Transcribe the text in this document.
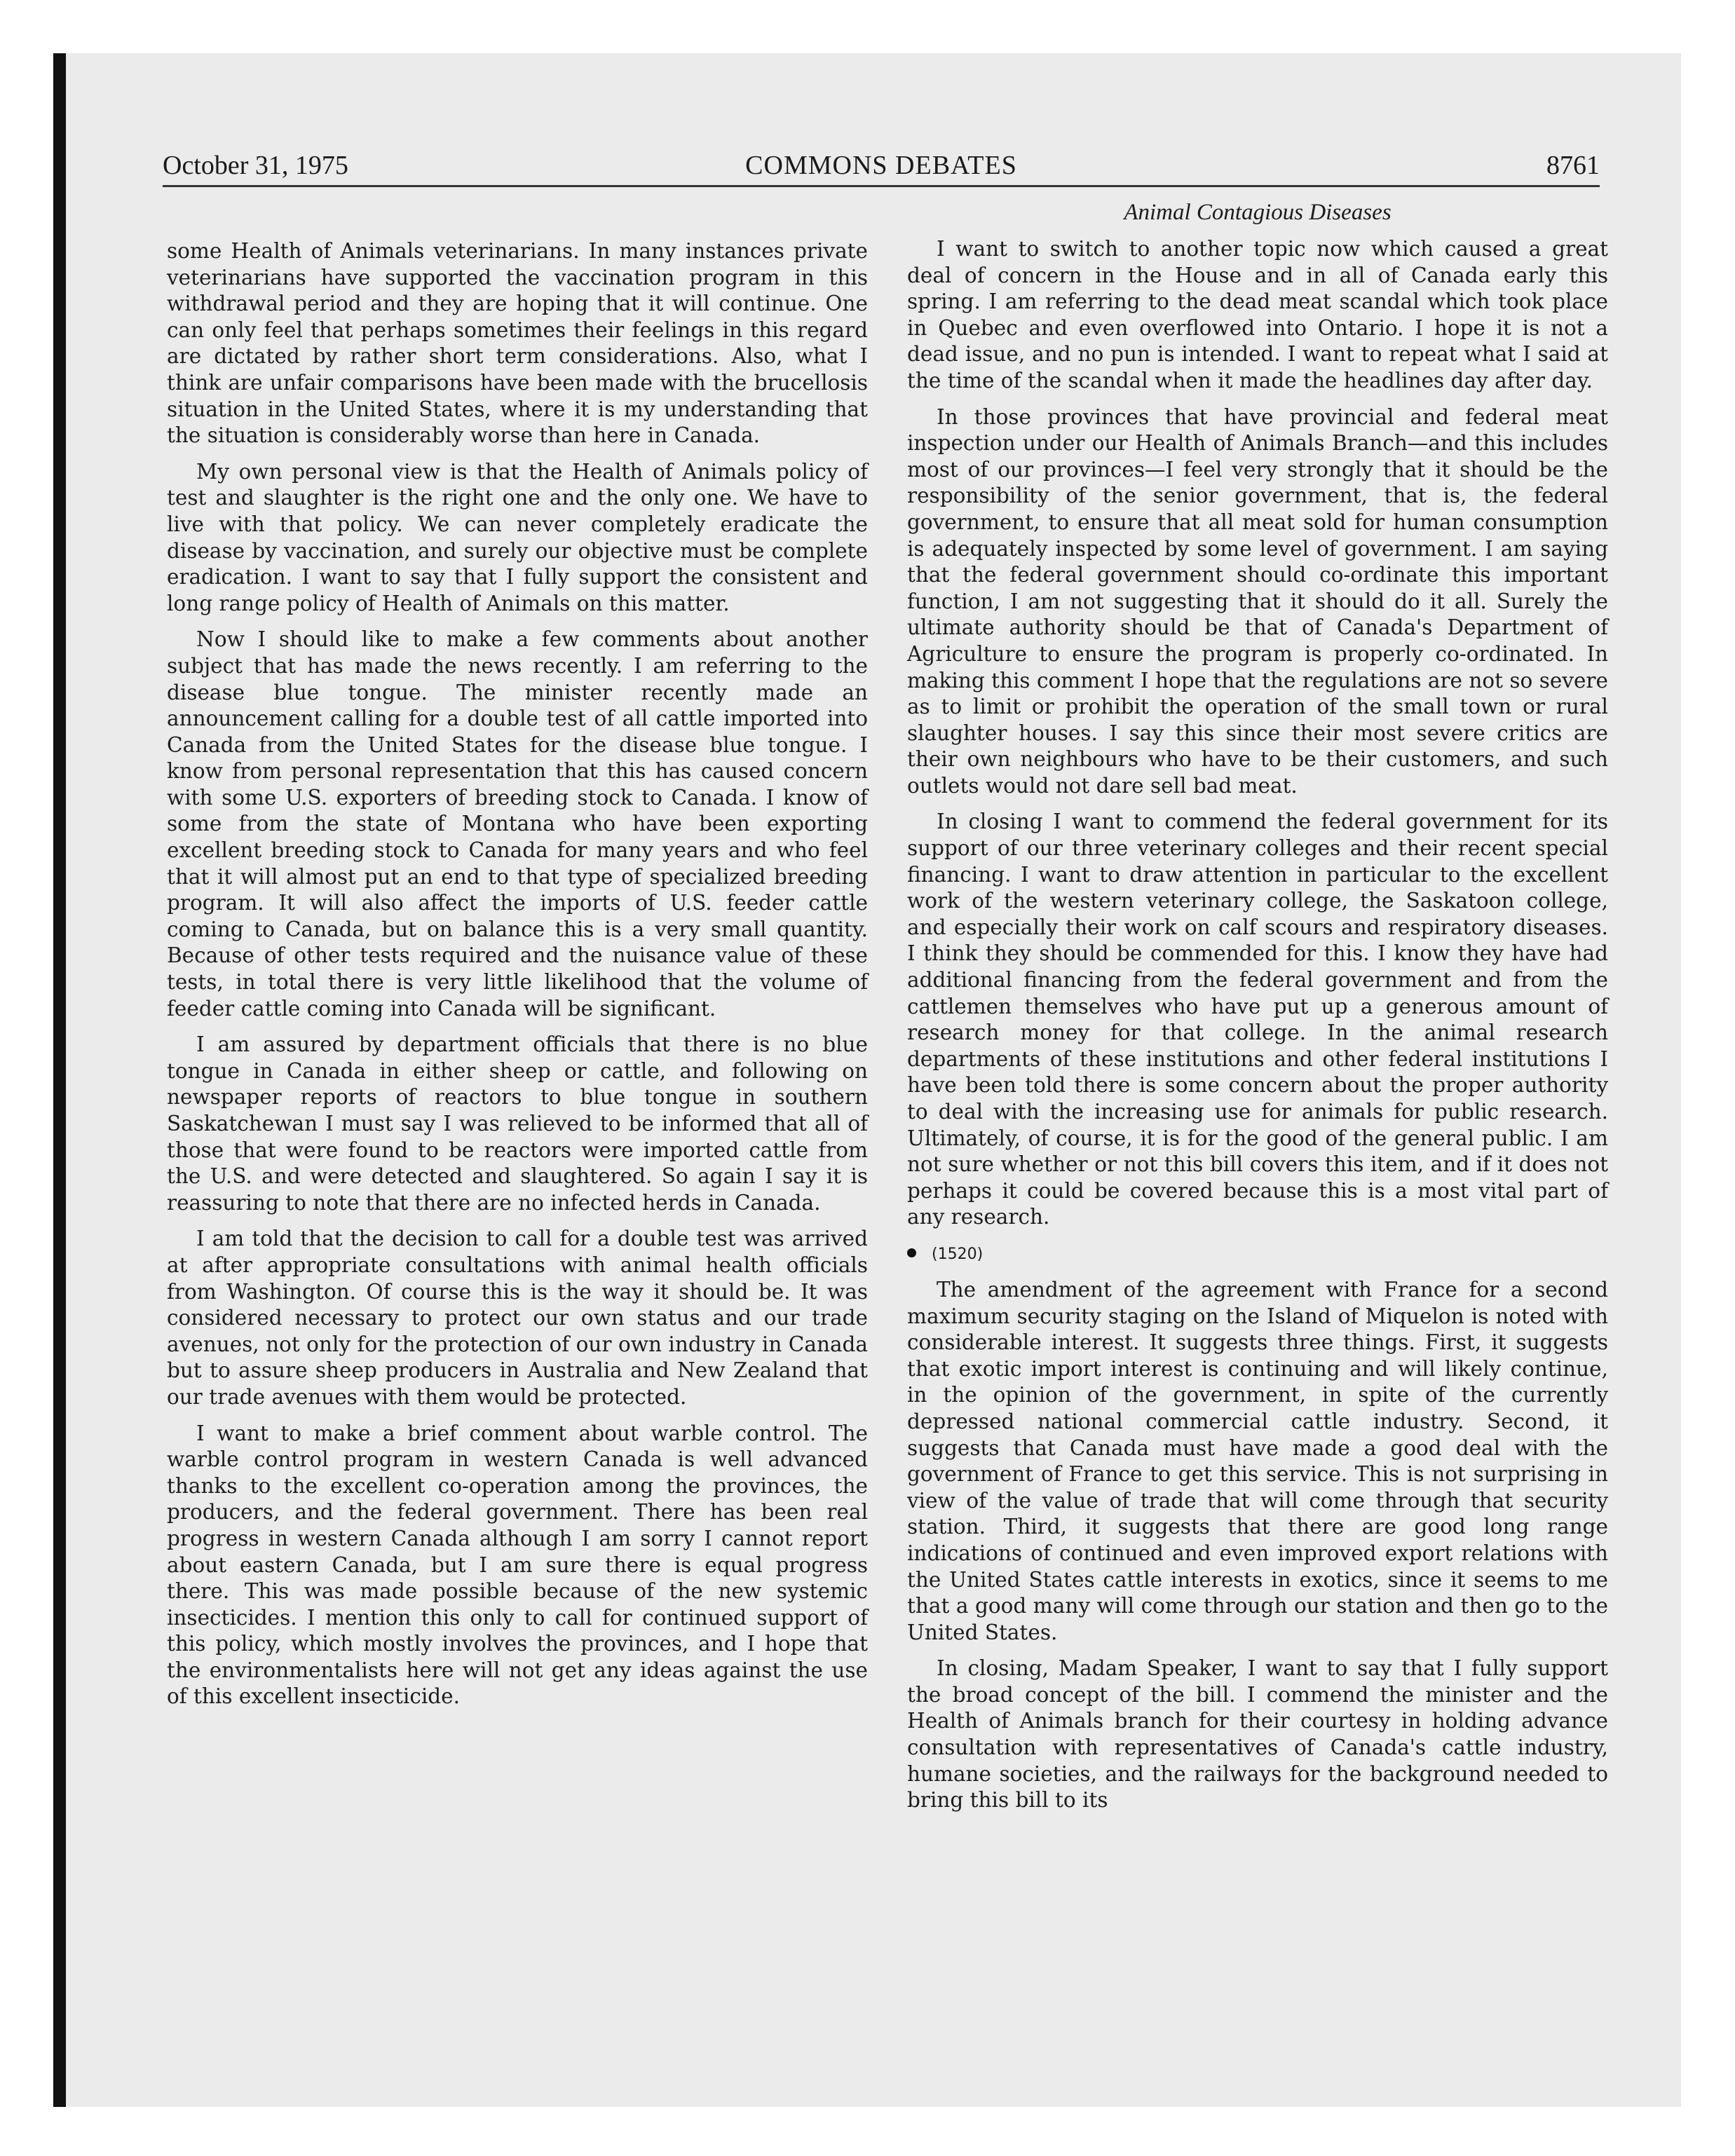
October 31, 1975	COMMONS DEBATES	8761

some Health of Animals veterinarians. In many instances private veterinarians have supported the vaccination program in this withdrawal period and they are hoping that it will continue. One can only feel that perhaps sometimes their feelings in this regard are dictated by rather short term considerations. Also, what I think are unfair comparisons have been made with the brucellosis situation in the United States, where it is my understanding that the situation is considerably worse than here in Canada.

My own personal view is that the Health of Animals policy of test and slaughter is the right one and the only one. We have to live with that policy. We can never completely eradicate the disease by vaccination, and surely our objective must be complete eradication. I want to say that I fully support the consistent and long range policy of Health of Animals on this matter.

Now I should like to make a few comments about another subject that has made the news recently. I am referring to the disease blue tongue. The minister recently made an announcement calling for a double test of all cattle imported into Canada from the United States for the disease blue tongue. I know from personal representation that this has caused concern with some U.S. exporters of breeding stock to Canada. I know of some from the state of Montana who have been exporting excellent breeding stock to Canada for many years and who feel that it will almost put an end to that type of specialized breeding program. It will also affect the imports of U.S. feeder cattle coming to Canada, but on balance this is a very small quantity. Because of other tests required and the nuisance value of these tests, in total there is very little likelihood that the volume of feeder cattle coming into Canada will be significant.

I am assured by department officials that there is no blue tongue in Canada in either sheep or cattle, and following on newspaper reports of reactors to blue tongue in southern Saskatchewan I must say I was relieved to be informed that all of those that were found to be reactors were imported cattle from the U.S. and were detected and slaughtered. So again I say it is reassuring to note that there are no infected herds in Canada.

I am told that the decision to call for a double test was arrived at after appropriate consultations with animal health officials from Washington. Of course this is the way it should be. It was considered necessary to protect our own status and our trade avenues, not only for the protection of our own industry in Canada but to assure sheep producers in Australia and New Zealand that our trade avenues with them would be protected.

I want to make a brief comment about warble control. The warble control program in western Canada is well advanced thanks to the excellent co-operation among the provinces, the producers, and the federal government. There has been real progress in western Canada although I am sorry I cannot report about eastern Canada, but I am sure there is equal progress there. This was made possible because of the new systemic insecticides. I mention this only to call for continued support of this policy, which mostly involves the provinces, and I hope that the environmentalists here will not get any ideas against the use of this excellent insecticide.

Animal Contagious Diseases

I want to switch to another topic now which caused a great deal of concern in the House and in all of Canada early this spring. I am referring to the dead meat scandal which took place in Quebec and even overflowed into Ontario. I hope it is not a dead issue, and no pun is intended. I want to repeat what I said at the time of the scandal when it made the headlines day after day.

In those provinces that have provincial and federal meat inspection under our Health of Animals Branch—and this includes most of our provinces—I feel very strongly that it should be the responsibility of the senior government, that is, the federal government, to ensure that all meat sold for human consumption is adequately inspected by some level of government. I am saying that the federal government should co-ordinate this important function, I am not suggesting that it should do it all. Surely the ultimate authority should be that of Canada's Department of Agriculture to ensure the program is properly co-ordinated. In making this comment I hope that the regulations are not so severe as to limit or prohibit the operation of the small town or rural slaughter houses. I say this since their most severe critics are their own neighbours who have to be their customers, and such outlets would not dare sell bad meat.

In closing I want to commend the federal government for its support of our three veterinary colleges and their recent special financing. I want to draw attention in particular to the excellent work of the western veterinary college, the Saskatoon college, and especially their work on calf scours and respiratory diseases. I think they should be commended for this. I know they have had additional financing from the federal government and from the cattlemen themselves who have put up a generous amount of research money for that college. In the animal research departments of these institutions and other federal institutions I have been told there is some concern about the proper authority to deal with the increasing use for animals for public research. Ultimately, of course, it is for the good of the general public. I am not sure whether or not this bill covers this item, and if it does not perhaps it could be covered because this is a most vital part of any research.

(1520)

The amendment of the agreement with France for a second maximum security staging on the Island of Miquelon is noted with considerable interest. It suggests three things. First, it suggests that exotic import interest is continuing and will likely continue, in the opinion of the government, in spite of the currently depressed national commercial cattle industry. Second, it suggests that Canada must have made a good deal with the government of France to get this service. This is not surprising in view of the value of trade that will come through that security station. Third, it suggests that there are good long range indications of continued and even improved export relations with the United States cattle interests in exotics, since it seems to me that a good many will come through our station and then go to the United States.

In closing, Madam Speaker, I want to say that I fully support the broad concept of the bill. I commend the minister and the Health of Animals branch for their courtesy in holding advance consultation with representatives of Canada's cattle industry, humane societies, and the railways for the background needed to bring this bill to its
